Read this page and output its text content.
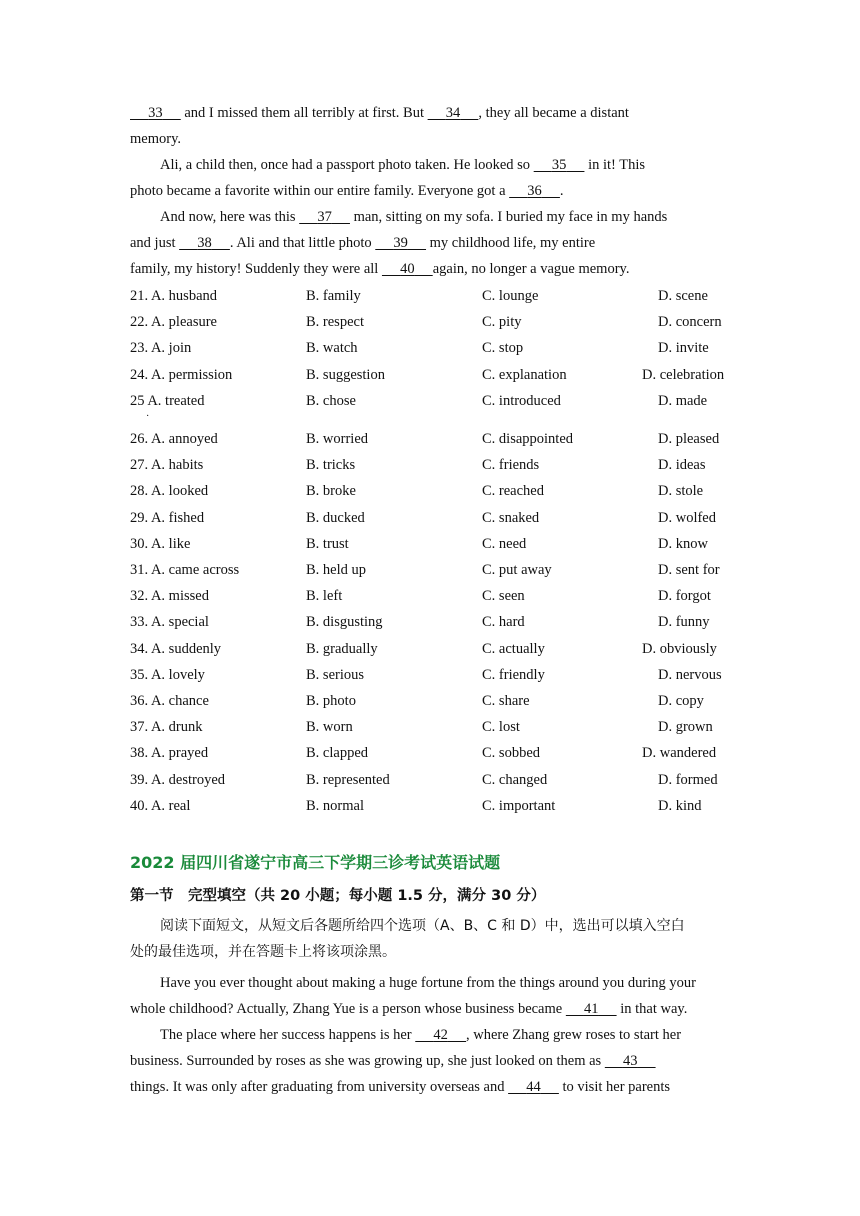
33      and I missed them all terribly at first. But      34 , they all became a distant
memory.
Ali, a child then, once had a passport photo taken. He looked so      35      in it! This
photo became a favorite within our entire family. Everyone got a      36 .
And now, here was this      37      man, sitting on my sofa. I buried my face in my hands
and just      38 . Ali and that little photo      39      my childhood life, my entire
family, my history! Suddenly they were all      40 again, no longer a vague memory.
21. A. husband	B. family	C. lounge	D. scene
22. A. pleasure	B. respect	C. pity	D. concern
23. A. join	B. watch	C. stop	D. invite
24. A. permission	B. suggestion	C. explanation	D. celebration
25 A. treated	B. chose	C. introduced	D. made
26. A. annoyed	B. worried	C. disappointed	D. pleased
27. A. habits	B. tricks	C. friends	D. ideas
28. A. looked	B. broke	C. reached	D. stole
29. A. fished	B. ducked	C. snaked	D. wolfed
30. A. like	B. trust	C. need	D. know
31. A. came across	B. held up	C. put away	D. sent for
32. A. missed	B. left	C. seen	D. forgot
33. A. special	B. disgusting	C. hard	D. funny
34. A. suddenly	B. gradually	C. actually	D. obviously
35. A. lovely	B. serious	C. friendly	D. nervous
36. A. chance	B. photo	C. share	D. copy
37. A. drunk	B. worn	C. lost	D. grown
38. A. prayed	B. clapped	C. sobbed	D. wandered
39. A. destroyed	B. represented	C. changed	D. formed
40. A. real	B. normal	C. important	D. kind
·
2022 届四川省遂宁市高三下学期三诊考试英语试题
第一节　完型填空（共 20 小题；每小题 1.5 分，满分 30 分）
阅读下面短文，从短文后各题所给四个选项（A、B、C 和 D）中，选出可以填入空白
处的最佳选项，并在答题卡上将该项涂黑。
Have you ever thought about making a huge fortune from the things around you during your
whole childhood? Actually, Zhang Yue is a person whose business became      41      in that way.
The place where her success happens is her      42 , where Zhang grew roses to start her
business. Surrounded by roses as she was growing up, she just looked on them as      43
things. It was only after graduating from university overseas and      44      to visit her parents
